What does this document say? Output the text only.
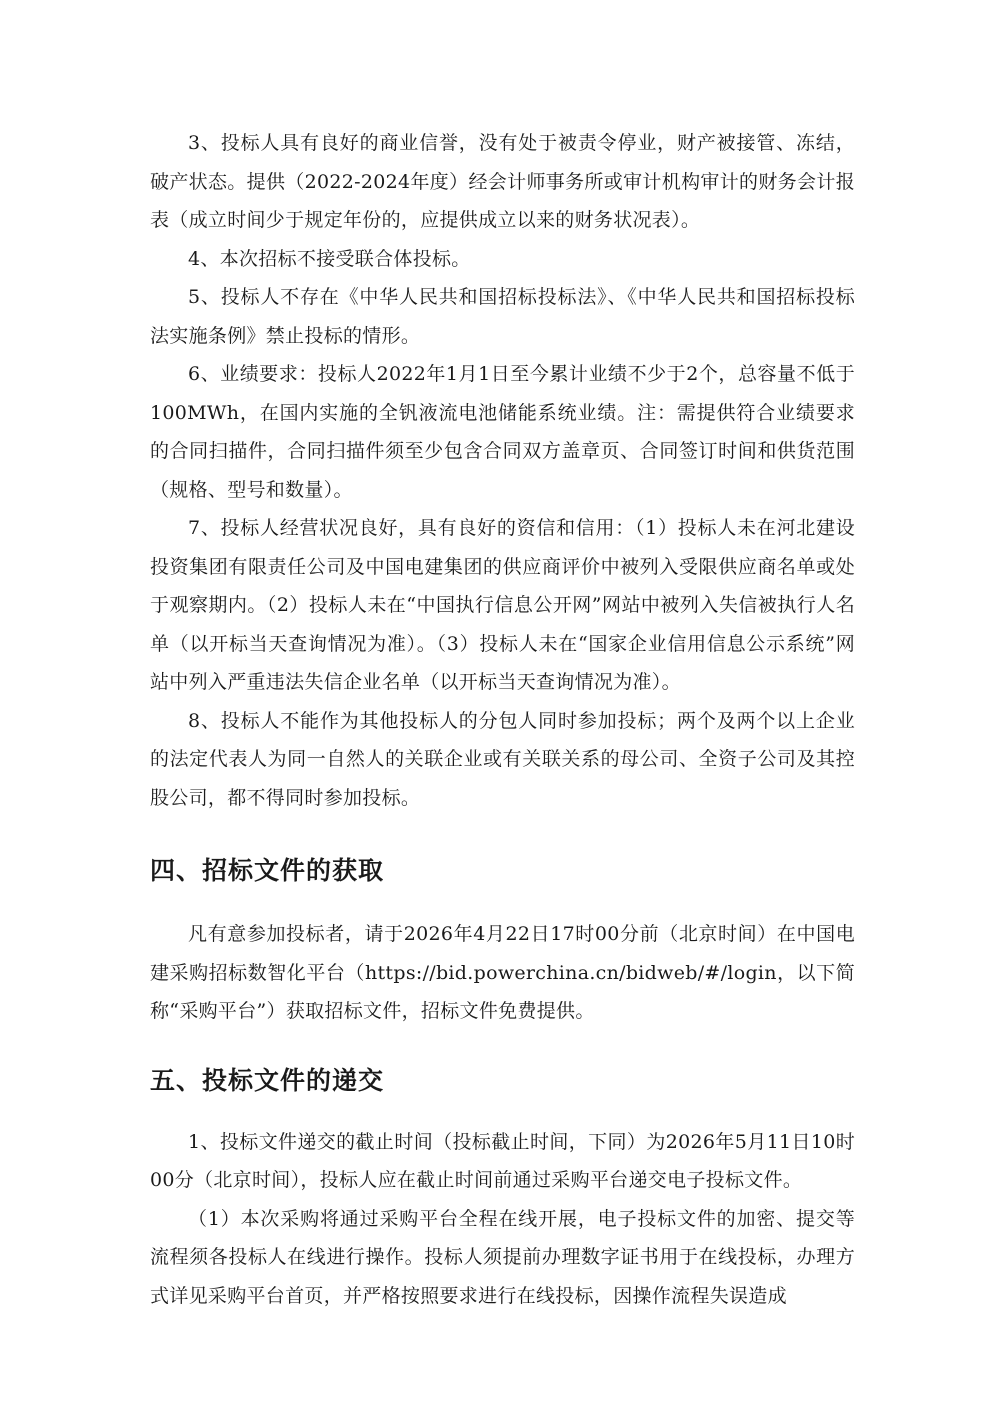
3、投标人具有良好的商业信誉，没有处于被责令停业，财产被接管、冻结，破产状态。提供（2022-2024年度）经会计师事务所或审计机构审计的财务会计报表（成立时间少于规定年份的，应提供成立以来的财务状况表）。

4、本次招标不接受联合体投标。

5、投标人不存在《中华人民共和国招标投标法》、《中华人民共和国招标投标法实施条例》禁止投标的情形。

6、业绩要求：投标人2022年1月1日至今累计业绩不少于2个，总容量不低于100MWh，在国内实施的全钒液流电池储能系统业绩。注：需提供符合业绩要求的合同扫描件，合同扫描件须至少包含合同双方盖章页、合同签订时间和供货范围（规格、型号和数量）。

7、投标人经营状况良好，具有良好的资信和信用：（1）投标人未在河北建设投资集团有限责任公司及中国电建集团的供应商评价中被列入受限供应商名单或处于观察期内。（2）投标人未在“中国执行信息公开网”网站中被列入失信被执行人名单（以开标当天查询情况为准）。（3）投标人未在“国家企业信用信息公示系统”网站中列入严重违法失信企业名单（以开标当天查询情况为准）。

8、投标人不能作为其他投标人的分包人同时参加投标；两个及两个以上企业的法定代表人为同一自然人的关联企业或有关联关系的母公司、全资子公司及其控股公司，都不得同时参加投标。

四、招标文件的获取

凡有意参加投标者，请于2026年4月22日17时00分前（北京时间）在中国电建采购招标数智化平台（https://bid.powerchina.cn/bidweb/#/login，以下简称“采购平台”）获取招标文件，招标文件免费提供。

五、投标文件的递交

1、投标文件递交的截止时间（投标截止时间，下同）为2026年5月11日10时00分（北京时间），投标人应在截止时间前通过采购平台递交电子投标文件。

（1）本次采购将通过采购平台全程在线开展，电子投标文件的加密、提交等流程须各投标人在线进行操作。投标人须提前办理数字证书用于在线投标，办理方式详见采购平台首页，并严格按照要求进行在线投标，因操作流程失误造成
